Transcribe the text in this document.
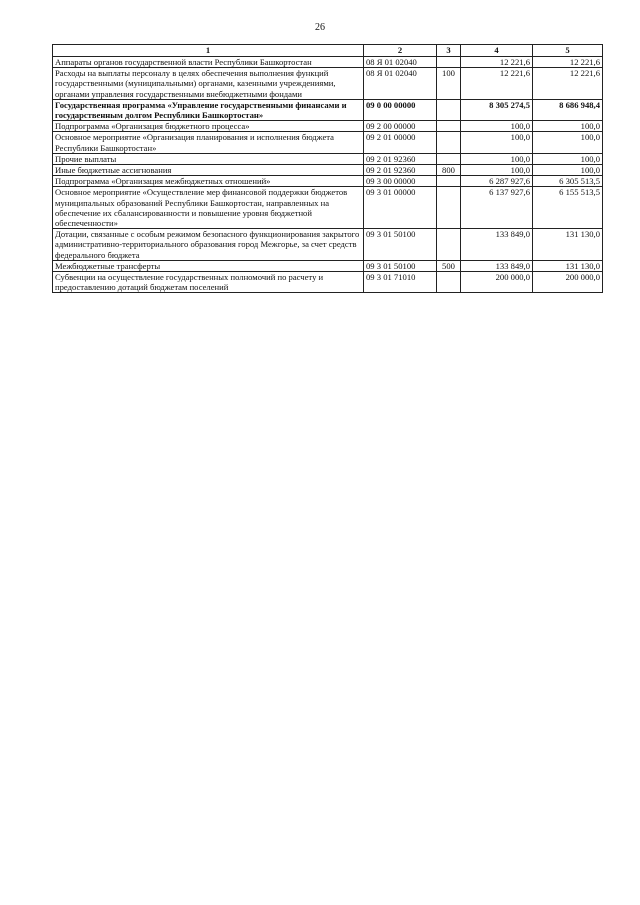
26
1	2	3	4	5
Аппараты органов государственной власти Республики Башкортостан	08 Я 01 02040		12 221,6	12 221,6
Расходы на выплаты персоналу в целях обеспечения выполнения функций государственными (муниципальными) органами, казенными учреждениями, органами управления государственными внебюджетными фондами	08 Я 01 02040	100	12 221,6	12 221,6
Государственная программа «Управление государственными финансами и государственным долгом Республики Башкортостан»	09 0 00 00000		8 305 274,5	8 686 948,4
Подпрограмма «Организация бюджетного процесса»	09 2 00 00000		100,0	100,0
Основное мероприятие «Организация планирования и исполнения бюджета Республики Башкортостан»	09 2 01 00000		100,0	100,0
Прочие выплаты	09 2 01 92360		100,0	100,0
Иные бюджетные ассигнования	09 2 01 92360	800	100,0	100,0
Подпрограмма «Организация межбюджетных отношений»	09 3 00 00000		6 287 927,6	6 305 513,5
Основное мероприятие «Осуществление мер финансовой поддержки бюджетов муниципальных образований Республики Башкортостан, направленных на обеспечение их сбалансированности и повышение уровня бюджетной обеспеченности»	09 3 01 00000		6 137 927,6	6 155 513,5
Дотации, связанные с особым режимом безопасного функционирования закрытого административно-территориального образования город Межгорье, за счет средств федерального бюджета	09 3 01 50100		133 849,0	131 130,0
Межбюджетные трансферты	09 3 01 50100	500	133 849,0	131 130,0
Субвенции на осуществление государственных полномочий по расчету и предоставлению дотаций бюджетам поселений	09 3 01 71010		200 000,0	200 000,0
